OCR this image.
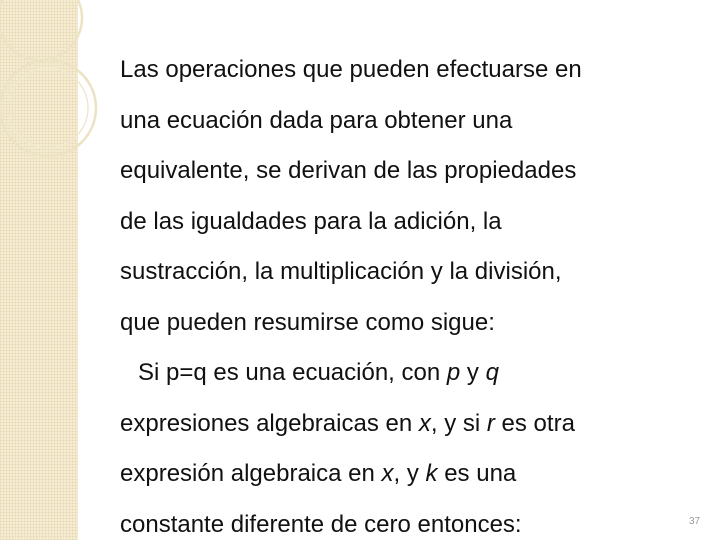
Las operaciones que pueden efectuarse en
una ecuación dada para obtener una
equivalente, se derivan de las propiedades
de las igualdades para la adición, la
sustracción, la multiplicación y la división,
que pueden resumirse como sigue:
Si p=q es una ecuación, con p y q
expresiones algebraicas en x, y si r es otra
expresión algebraica en x, y k es una
constante diferente de cero entonces:	37
